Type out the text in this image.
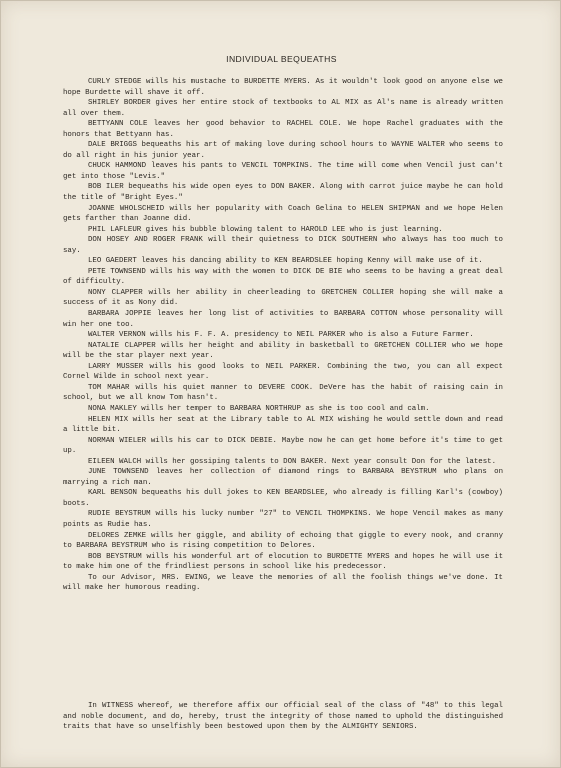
INDIVIDUAL BEQUEATHS

CURLY STEDGE wills his mustache to BURDETTE MYERS. As it wouldn't look good on anyone else we hope Burdette will shave it off.

SHIRLEY BORDER gives her entire stock of textbooks to AL MIX as Al's name is already written all over them.

BETTYANN COLE leaves her good behavior to RACHEL COLE. We hope Rachel graduates with the honors that Bettyann has.

DALE BRIGGS bequeaths his art of making love during school hours to WAYNE WALTER who seems to do all right in his junior year.

CHUCK HAMMOND leaves his pants to VENCIL TOMPKINS. The time will come when Vencil just can't get into those "Levis."

BOB ILER bequeaths his wide open eyes to DON BAKER. Along with carrot juice maybe he can hold the title of "Bright Eyes."

JOANNE WHOLSCHEID wills her popularity with Coach Gelina to HELEN SHIPMAN and we hope Helen gets farther than Joanne did.

PHIL LAFLEUR gives his bubble blowing talent to HAROLD LEE who is just learning.

DON HOSEY AND ROGER FRANK will their quietness to DICK SOUTHERN who always has too much to say.

LEO GAEDERT leaves his dancing ability to KEN BEARDSLEE hoping Kenny will make use of it.

PETE TOWNSEND wills his way with the women to DICK DE BIE who seems to be having a great deal of difficulty.

NONY CLAPPER wills her ability in cheerleading to GRETCHEN COLLIER hoping she will make a success of it as Nony did.

BARBARA JOPPIE leaves her long list of activities to BARBARA COTTON whose personality will win her one too.

WALTER VERNON wills his F. F. A. presidency to NEIL PARKER who is also a Future Farmer.

NATALIE CLAPPER wills her height and ability in basketball to GRETCHEN COLLIER who we hope will be the star player next year.

LARRY MUSSER wills his good looks to NEIL PARKER. Combining the two, you can all expect Cornel Wilde in school next year.

TOM MAHAR wills his quiet manner to DEVERE COOK. DeVere has the habit of raising cain in school, but we all know Tom hasn't.

NONA MAKLEY wills her temper to BARBARA NORTHRUP as she is too cool and calm.

HELEN MIX wills her seat at the Library table to AL MIX wishing he would settle down and read a little bit.

NORMAN WIELER wills his car to DICK DEBIE. Maybe now he can get home before it's time to get up.

EILEEN WALCH wills her gossiping talents to DON BAKER. Next year consult Don for the latest.

JUNE TOWNSEND leaves her collection of diamond rings to BARBARA BEYSTRUM who plans on marrying a rich man.

KARL BENSON bequeaths his dull jokes to KEN BEARDSLEE, who already is filling Karl's (cowboy) boots.

RUDIE BEYSTRUM wills his lucky number "27" to VENCIL THOMPKINS. We hope Vencil makes as many points as Rudie has.

DELORES ZEMKE wills her giggle, and ability of echoing that giggle to every nook, and cranny to BARBARA BEYSTRUM who is rising competition to Delores.

BOB BEYSTRUM wills his wonderful art of elocution to BURDETTE MYERS and hopes he will use it to make him one of the frindliest persons in school like his predecessor.

To our Advisor, MRS. EWING, we leave the memories of all the foolish things we've done. It will make her humorous reading.

In WITNESS whereof, we therefore affix our official seal of the class of "48" to this legal and noble document, and do, hereby, trust the integrity of those named to uphold the distinguished traits that have so unselfishly been bestowed upon them by the ALMIGHTY SENIORS.
